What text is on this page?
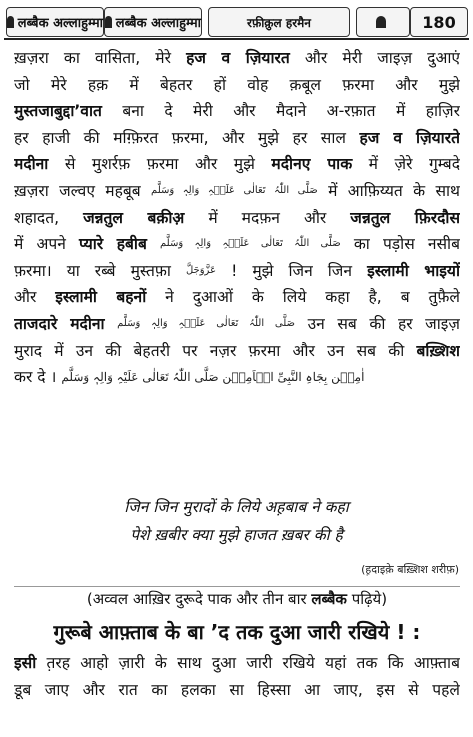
लब्बैक अल्लाहुम्मा लब्बैक अल्लाहुम्मा	रफ़ीक़ुल हरमैन	180
ख़ज़रा का वासिता, मेरे हज व ज़ियारत और मेरी जाइज़ दुआएं
जो मेरे हक़ में बेहतर हों वोह क़बूल फ़रमा और मुझे
मुस्तजाबुद्दा’वात बना दे मेरी और मैदाने अ-रफ़ात में हाज़िर
हर हाजी की मग़्फ़िरत फ़रमा, और मुझे हर साल हज व ज़ियारते
मदीना से मुशर्रफ़ फ़रमा और मुझे मदीनए पाक में ज़ेरे गुम्बदे
ख़ज़रा जल्वए महबूब صَلَّی اللّٰہُ تَعَالٰی عَلَیۡہِ وَالِہٖ وَسَلَّم में आफ़िय्यत के साथ
शहादत, जन्नतुल बक़ीअ़ में मदफ़न और जन्नतुल फ़िरदौस
में अपने प्यारे हबीब صَلَّی اللّٰہُ تَعَالٰی عَلَیۡہِ وَالِہٖ وَسَلَّم का पड़ोस नसीब
फ़रमा। या रब्बे मुस्तफ़ा عَزَّوَجَلَّ ! मुझे जिन जिन इस्लामी भाइयों
और इस्लामी बहनों ने दुआओं के लिये कहा है, ब तुफ़ैले
ताजदारे मदीना صَلَّی اللّٰہُ تَعَالٰی عَلَیۡہِ وَالِہٖ وَسَلَّم उन सब की हर जाइज़
मुराद में उन की बेहतरी पर नज़र फ़रमा और उन सब की बख़्शिश
कर दे । اٰمِیۡن بِجَاہِ النَّبِیِّ الۡاَمِیۡن صَلَّی اللّٰہُ تَعَالٰی عَلَیْہِ وَالِہٖ وَسَلَّم
जिन जिन मुरादों के लिये अह़बाब ने कहा
पेशे ख़बीर क्या मुझे हाजत ख़बर की है
(ह़दाइक़े बख़्शिश शरीफ़)
(अव्वल आख़िर दुरूदे पाक और तीन बार लब्बैक पढ़िये)
गुरूबे आफ़्ताब के बा ’द तक दुआ जारी रखिये ! :
इसी त़रह आहो ज़ारी के साथ दुआ जारी रखिये यहां तक कि आफ़्ताब
डूब जाए और रात का हलका सा हिस्सा आ जाए, इस से पहले
